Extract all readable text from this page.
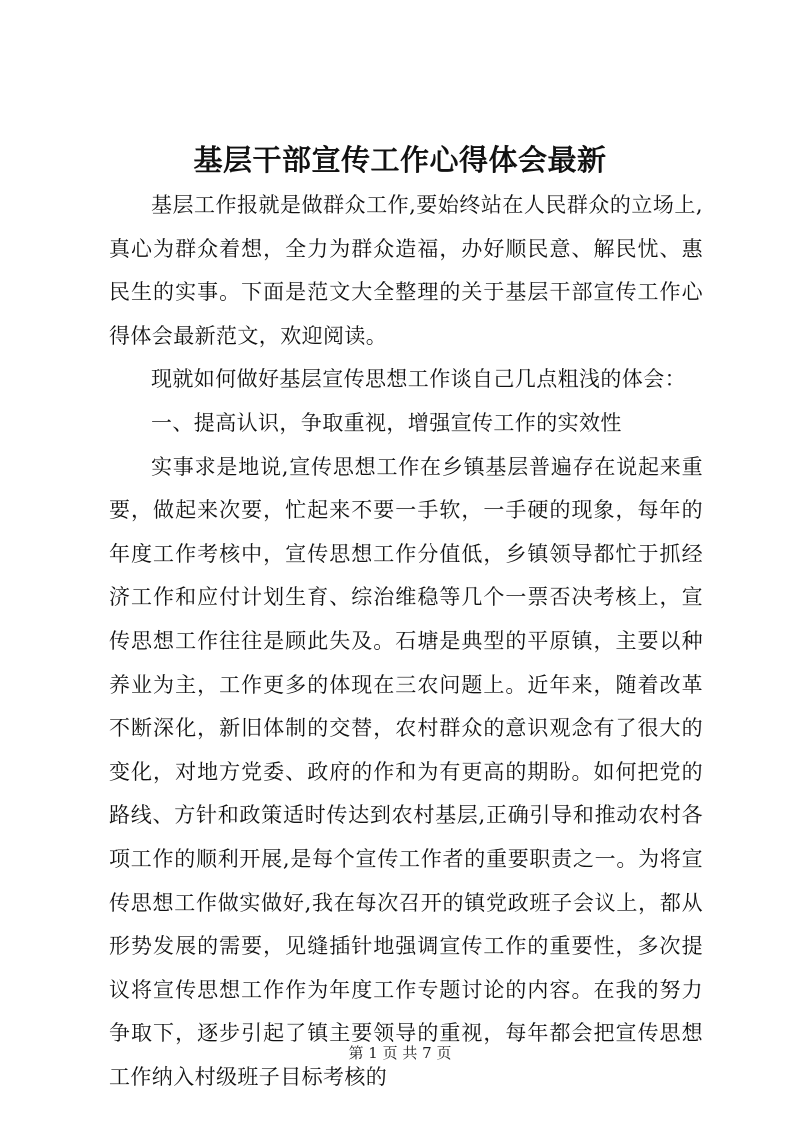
基层干部宣传工作心得体会最新

基层工作报就是做群众工作,要始终站在人民群众的立场上,真心为群众着想，全力为群众造福，办好顺民意、解民忧、惠民生的实事。下面是范文大全整理的关于基层干部宣传工作心得体会最新范文，欢迎阅读。

现就如何做好基层宣传思想工作谈自己几点粗浅的体会：

一、提高认识，争取重视，增强宣传工作的实效性

实事求是地说,宣传思想工作在乡镇基层普遍存在说起来重要，做起来次要，忙起来不要一手软，一手硬的现象，每年的年度工作考核中，宣传思想工作分值低，乡镇领导都忙于抓经济工作和应付计划生育、综治维稳等几个一票否决考核上，宣传思想工作往往是顾此失及。石塘是典型的平原镇，主要以种养业为主，工作更多的体现在三农问题上。近年来，随着改革不断深化，新旧体制的交替，农村群众的意识观念有了很大的变化，对地方党委、政府的作和为有更高的期盼。如何把党的路线、方针和政策适时传达到农村基层,正确引导和推动农村各项工作的顺利开展,是每个宣传工作者的重要职责之一。为将宣传思想工作做实做好,我在每次召开的镇党政班子会议上，都从形势发展的需要，见缝插针地强调宣传工作的重要性，多次提议将宣传思想工作作为年度工作专题讨论的内容。在我的努力争取下，逐步引起了镇主要领导的重视，每年都会把宣传思想工作纳入村级班子目标考核的

第 1 页 共 7 页
